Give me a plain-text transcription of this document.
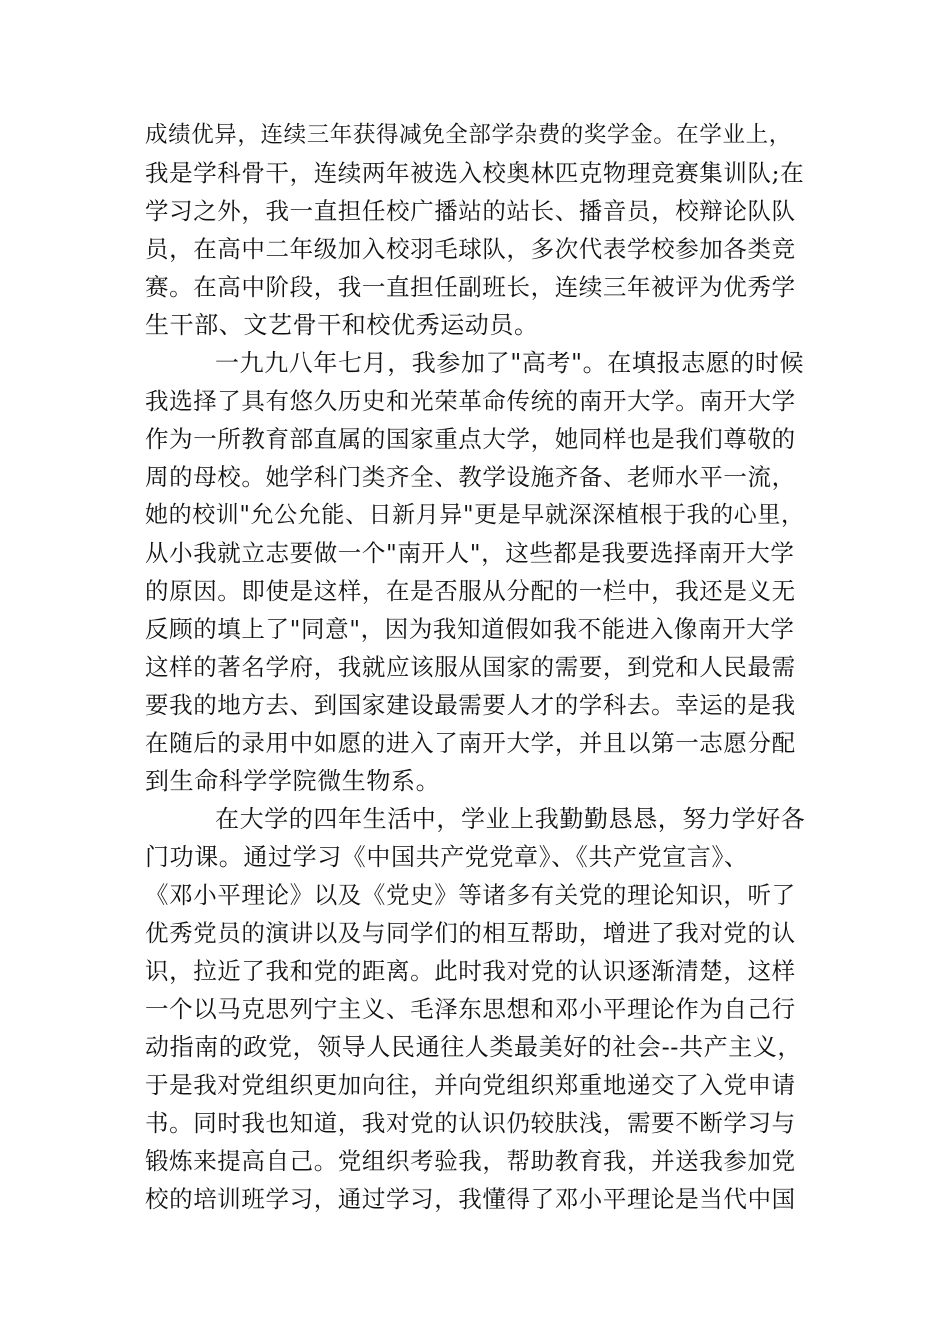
成绩优异，连续三年获得减免全部学杂费的奖学金。在学业上，
我是学科骨干，连续两年被选入校奥林匹克物理竞赛集训队;在
学习之外，我一直担任校广播站的站长、播音员，校辩论队队
员，在高中二年级加入校羽毛球队，多次代表学校参加各类竞
赛。在高中阶段，我一直担任副班长，连续三年被评为优秀学
生干部、文艺骨干和校优秀运动员。
一九九八年七月，我参加了"高考"。在填报志愿的时候
我选择了具有悠久历史和光荣革命传统的南开大学。南开大学
作为一所教育部直属的国家重点大学，她同样也是我们尊敬的
周的母校。她学科门类齐全、教学设施齐备、老师水平一流，
她的校训"允公允能、日新月异"更是早就深深植根于我的心里，
从小我就立志要做一个"南开人"，这些都是我要选择南开大学
的原因。即使是这样，在是否服从分配的一栏中，我还是义无
反顾的填上了"同意"，因为我知道假如我不能进入像南开大学
这样的著名学府，我就应该服从国家的需要，到党和人民最需
要我的地方去、到国家建设最需要人才的学科去。幸运的是我
在随后的录用中如愿的进入了南开大学，并且以第一志愿分配
到生命科学学院微生物系。
在大学的四年生活中，学业上我勤勤恳恳，努力学好各
门功课。通过学习《中国共产党党章》、《共产党宣言》、
《邓小平理论》以及《党史》等诸多有关党的理论知识，听了
优秀党员的演讲以及与同学们的相互帮助，增进了我对党的认
识，拉近了我和党的距离。此时我对党的认识逐渐清楚，这样
一个以马克思列宁主义、毛泽东思想和邓小平理论作为自己行
动指南的政党，领导人民通往人类最美好的社会--共产主义，
于是我对党组织更加向往，并向党组织郑重地递交了入党申请
书。同时我也知道，我对党的认识仍较肤浅，需要不断学习与
锻炼来提高自己。党组织考验我，帮助教育我，并送我参加党
校的培训班学习，通过学习，我懂得了邓小平理论是当代中国
